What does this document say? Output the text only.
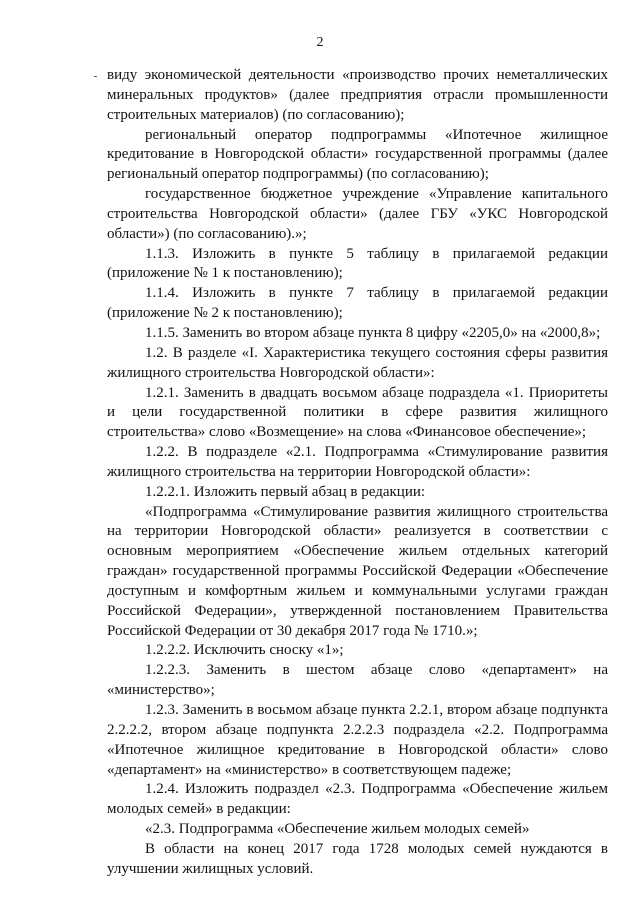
2

виду экономической деятельности «производство прочих неметаллических минеральных продуктов» (далее предприятия отрасли промышленности строительных материалов) (по согласованию);

региональный оператор подпрограммы «Ипотечное жилищное кредитование в Новгородской области» государственной программы (далее региональный оператор подпрограммы) (по согласованию);

государственное бюджетное учреждение «Управление капитального строительства Новгородской области» (далее ГБУ «УКС Новгородской области») (по согласованию).»;

1.1.3. Изложить в пункте 5 таблицу в прилагаемой редакции (приложение № 1 к постановлению);

1.1.4. Изложить в пункте 7 таблицу в прилагаемой редакции (приложение № 2 к постановлению);

1.1.5. Заменить во втором абзаце пункта 8 цифру «2205,0» на «2000,8»;

1.2. В разделе «I. Характеристика текущего состояния сферы развития жилищного строительства Новгородской области»:

1.2.1. Заменить в двадцать восьмом абзаце подраздела «1. Приоритеты и цели государственной политики в сфере развития жилищного строительства» слово «Возмещение» на слова «Финансовое обеспечение»;

1.2.2. В подразделе «2.1. Подпрограмма «Стимулирование развития жилищного строительства на территории Новгородской области»:

1.2.2.1. Изложить первый абзац в редакции:

«Подпрограмма «Стимулирование развития жилищного строительства на территории Новгородской области» реализуется в соответствии с основным мероприятием «Обеспечение жильем отдельных категорий граждан» государственной программы Российской Федерации «Обеспечение доступным и комфортным жильем и коммунальными услугами граждан Российской Федерации», утвержденной постановлением Правительства Российской Федерации от 30 декабря 2017 года № 1710.»;

1.2.2.2. Исключить сноску «1»;

1.2.2.3. Заменить в шестом абзаце слово «департамент» на «министерство»;

1.2.3. Заменить в восьмом абзаце пункта 2.2.1, втором абзаце подпункта 2.2.2.2, втором абзаце подпункта 2.2.2.3 подраздела «2.2. Подпрограмма «Ипотечное жилищное кредитование в Новгородской области» слово «департамент» на «министерство» в соответствующем падеже;

1.2.4. Изложить подраздел «2.3. Подпрограмма «Обеспечение жильем молодых семей» в редакции:

«2.3. Подпрограмма «Обеспечение жильем молодых семей»

В области на конец 2017 года 1728 молодых семей нуждаются в улучшении жилищных условий.
